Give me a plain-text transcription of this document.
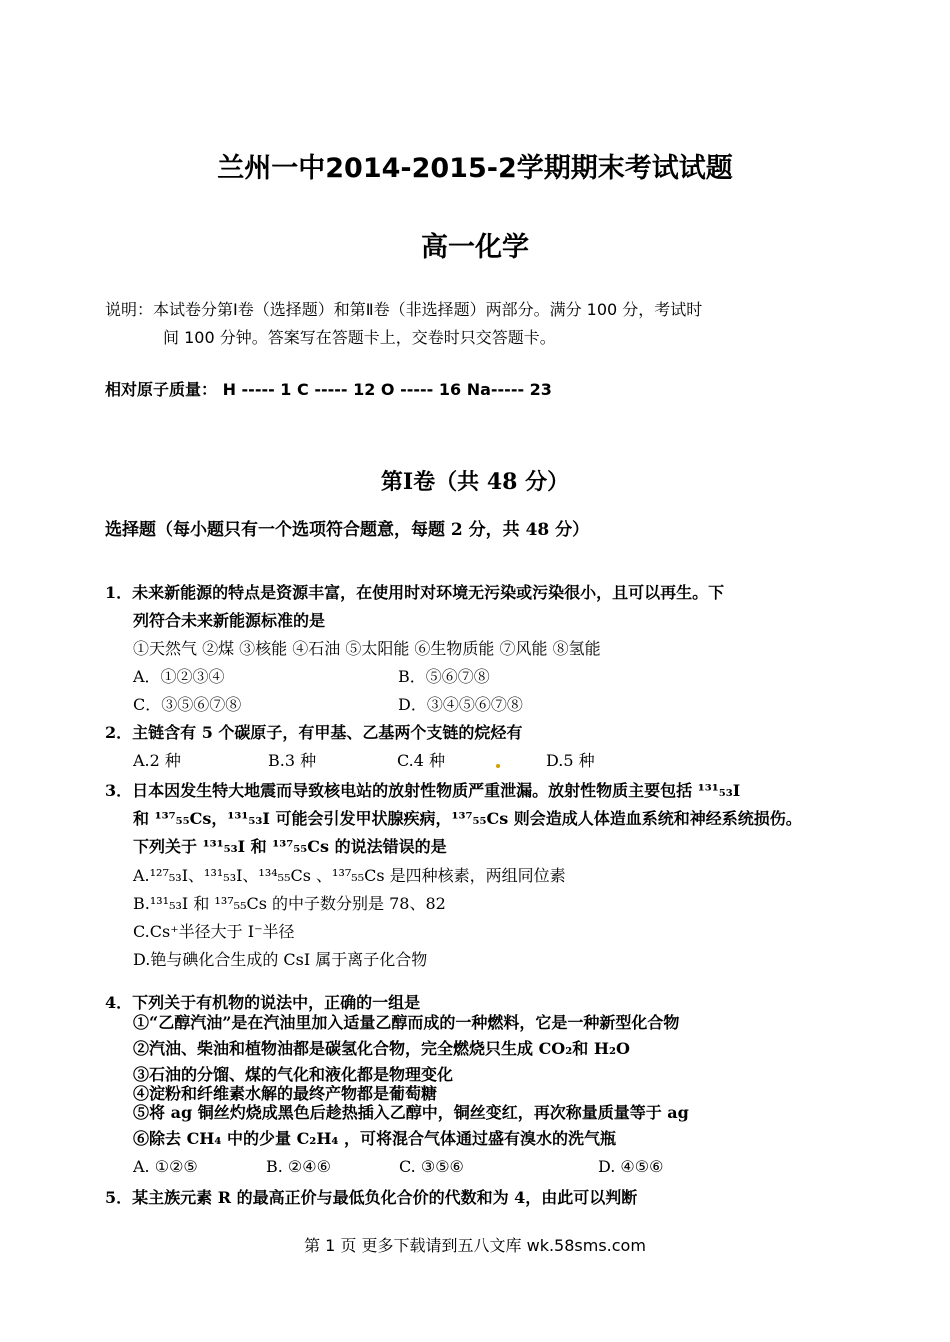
兰州一中2014-2015-2学期期末考试试题
高一化学
说明：本试卷分第Ⅰ卷（选择题）和第Ⅱ卷（非选择题）两部分。满分 100 分，考试时
间 100 分钟。答案写在答题卡上，交卷时只交答题卡。
相对原子质量： H ----- 1 C ----- 12 O ----- 16 Na----- 23
第Ⅰ卷（共 48 分）
选择题（每小题只有一个选项符合题意，每题 2 分，共 48 分）
1．未来新能源的特点是资源丰富，在使用时对环境无污染或污染很小，且可以再生。下
列符合未来新能源标准的是
①天然气 ②煤 ③核能 ④石油 ⑤太阳能 ⑥生物质能 ⑦风能 ⑧氢能
A．①②③④	B．⑤⑥⑦⑧
C．③⑤⑥⑦⑧	D．③④⑤⑥⑦⑧
2．主链含有 5 个碳原子，有甲基、乙基两个支链的烷烃有
A.2 种	B.3 种	C.4 种	D.5 种
3．日本因发生特大地震而导致核电站的放射性物质严重泄漏。放射性物质主要包括 ¹³¹₅₃I
和 ¹³⁷₅₅Cs，¹³¹₅₃I 可能会引发甲状腺疾病，¹³⁷₅₅Cs 则会造成人体造血系统和神经系统损伤。
下列关于 ¹³¹₅₃I 和 ¹³⁷₅₅Cs 的说法错误的是
A.¹²⁷₅₃I、¹³¹₅₃I、¹³⁴₅₅Cs 、¹³⁷₅₅Cs 是四种核素，两组同位素
B.¹³¹₅₃I 和 ¹³⁷₅₅Cs 的中子数分别是 78、82
C.Cs⁺半径大于 I⁻半径
D.铯与碘化合生成的 CsI 属于离子化合物
4．下列关于有机物的说法中，正确的一组是
①“乙醇汽油”是在汽油里加入适量乙醇而成的一种燃料，它是一种新型化合物
②汽油、柴油和植物油都是碳氢化合物，完全燃烧只生成 CO₂和 H₂O
③石油的分馏、煤的气化和液化都是物理变化
④淀粉和纤维素水解的最终产物都是葡萄糖
⑤将 ag 铜丝灼烧成黑色后趁热插入乙醇中，铜丝变红，再次称量质量等于 ag
⑥除去 CH₄ 中的少量 C₂H₄ ，可将混合气体通过盛有溴水的洗气瓶
A. ①②⑤	B. ②④⑥	C. ③⑤⑥	D. ④⑤⑥
5．某主族元素 R 的最高正价与最低负化合价的代数和为 4，由此可以判断
第 1 页 更多下载请到五八文库 wk.58sms.com
